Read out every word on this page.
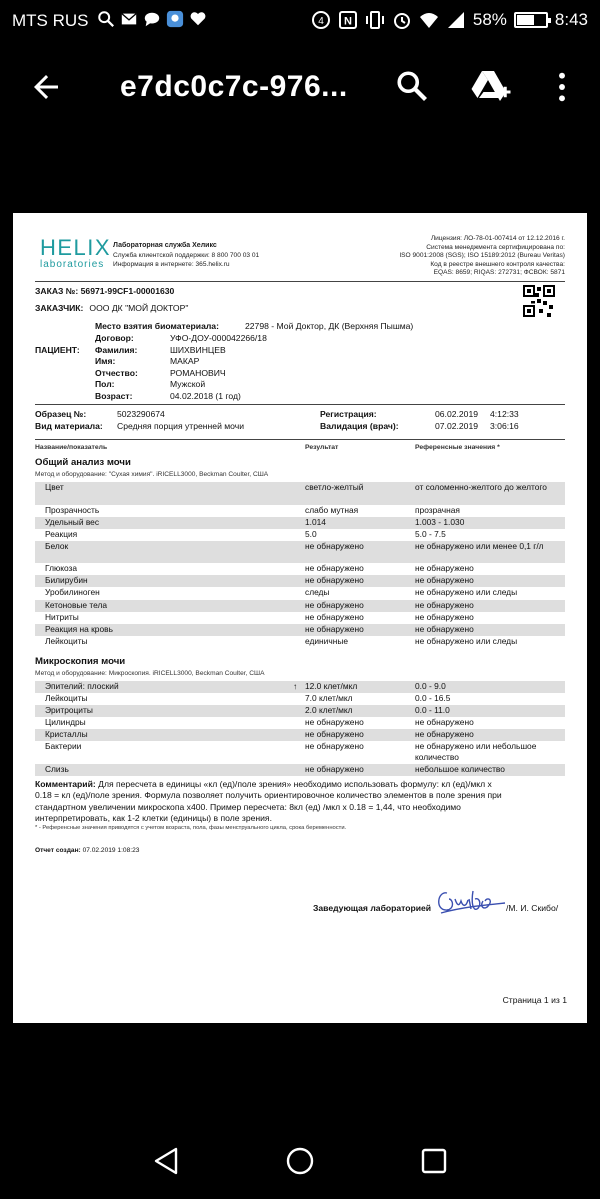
MTS RUS	4 N	58%	8:43
e7dc0c7c-976...
HELIX
laboratories
Лабораторная служба Хеликс
Служба клиентской поддержки: 8 800 700 03 01
Информация в интернете: 365.helix.ru
Лицензия: ЛО-78-01-007414 от 12.12.2016 г.
Система менеджмента сертифицирована по:
ISO 9001:2008 (SGS); ISO 15189:2012 (Bureau Veritas)
Код в реестре внешнего контроля качества:
EQAS: 8659; RIQAS: 272731; ФСВОК: 5871
ЗАКАЗ №: 56971-99CF1-00001630
ЗАКАЗЧИК: ООО ДК "МОЙ ДОКТОР"
ПАЦИЕНТ:
Место взятия биоматериала:	22798 - Мой Доктор, ДК (Верхняя Пышма)
Договор:	УФО-ДОУ-000042266/18
Фамилия:	ШИХВИНЦЕВ
Имя:	МАКАР
Отчество:	РОМАНОВИЧ
Пол:	Мужской
Возраст:	04.02.2018 (1 год)
Образец №:	5023290674	Регистрация:	06.02.2019 4:12:33
Вид материала: Средняя порция утренней мочи	Валидация (врач):	07.02.2019 3:06:16
Название/показатель	Результат	Референсные значения *
Общий анализ мочи
Метод и оборудование: "Сухая химия". iRICELL3000, Beckman Coulter, США
Цвет	светло-желтый	от соломенно-желтого до желтого
Прозрачность	слабо мутная	прозрачная
Удельный вес	1.014	1.003 - 1.030
Реакция	5.0	5.0 - 7.5
Белок	не обнаружено	не обнаружено или менее 0,1 г/л
Глюкоза	не обнаружено	не обнаружено
Билирубин	не обнаружено	не обнаружено
Уробилиноген	следы	не обнаружено или следы
Кетоновые тела	не обнаружено	не обнаружено
Нитриты	не обнаружено	не обнаружено
Реакция на кровь	не обнаружено	не обнаружено
Лейкоциты	единичные	не обнаружено или следы
Микроскопия мочи
Метод и оборудование: Микроскопия. iRICELL3000, Beckman Coulter, США
Эпителий: плоский	↑ 12.0 клет/мкл	0.0 - 9.0
Лейкоциты	7.0 клет/мкл	0.0 - 16.5
Эритроциты	2.0 клет/мкл	0.0 - 11.0
Цилиндры	не обнаружено	не обнаружено
Кристаллы	не обнаружено	не обнаружено
Бактерии	не обнаружено	не обнаружено или небольшое количество
Слизь	не обнаружено	небольшое количество
Комментарий: Для пересчета в единицы «кл (ед)/поле зрения» необходимо использовать формулу: кл (ед)/мкл х 0.18 = кл (ед)/поле зрения. Формула позволяет получить ориентировочное количество элементов в поле зрения при стандартном увеличении микроскопа х400. Пример пересчета: 8кл (ед) /мкл х 0.18 = 1,44, что необходимо интерпретировать, как 1-2 клетки (единицы) в поле зрения.
* - Референсные значения приводятся с учетом возраста, пола, фазы менструального цикла, срока беременности.
Отчет создан: 07.02.2019 1:08:23
Заведующая лабораторией	/М. И. Скибо/
Страница 1 из 1
